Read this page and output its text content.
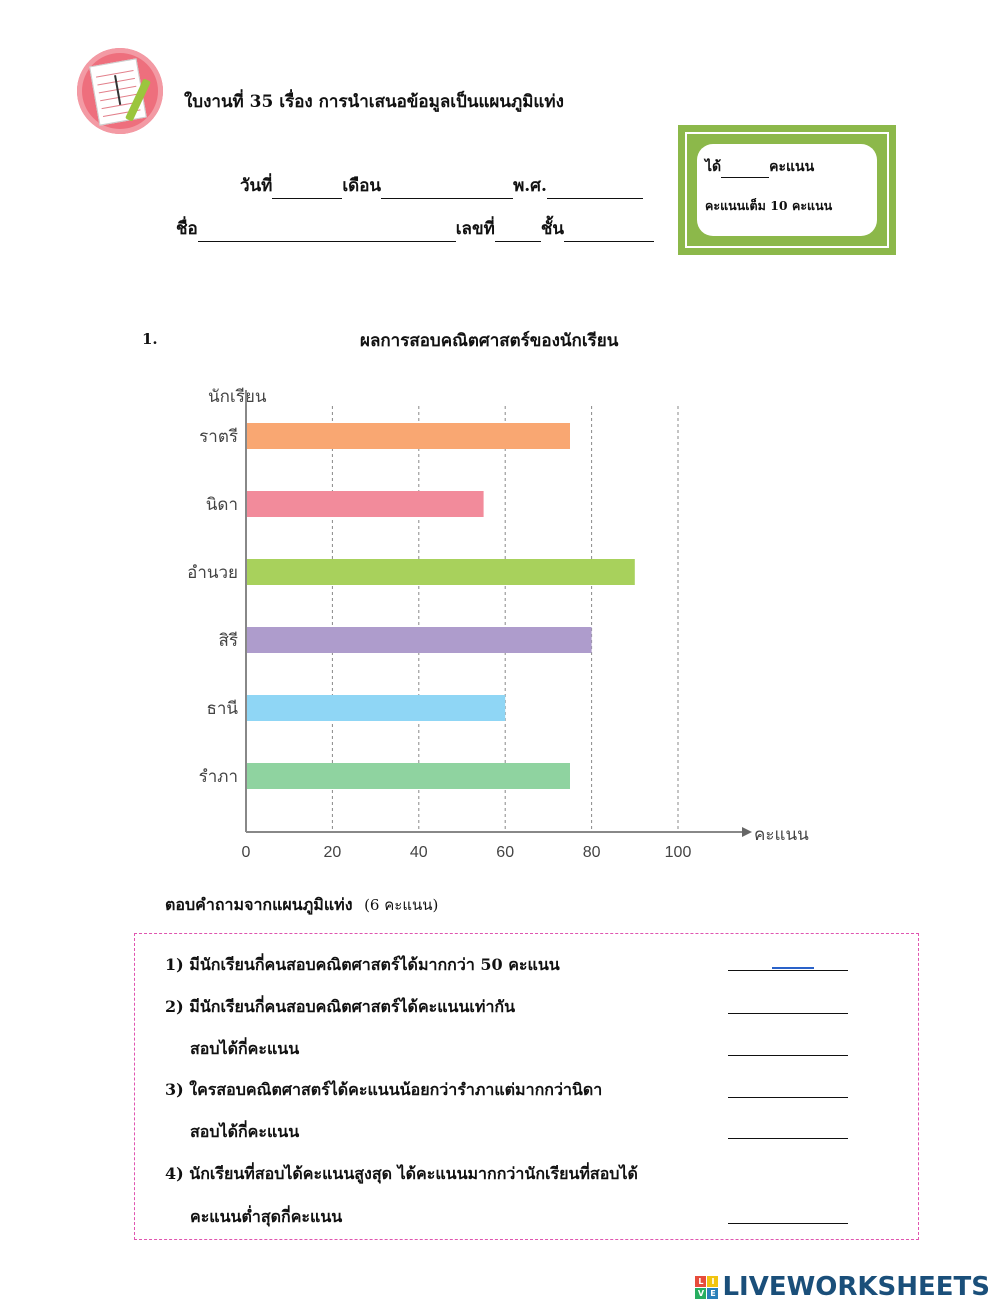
ใบงานที่ 35 เรื่อง การนำเสนอข้อมูลเป็นแผนภูมิแท่ง
วันที่	เดือน	พ.ศ.
ชื่อ	เลขที่	ชั้น
ได้	คะแนน
คะแนนเต็ม 10 คะแนน
1.	ผลการสอบคณิตศาสตร์ของนักเรียน
นักเรียน
ราตรี
นิดา
อำนวย
สิรี
ธานี
รำภา
0	20	40	60	80	100
คะแนน
ตอบคำถามจากแผนภูมิแท่ง (6 คะแนน)
1) มีนักเรียนกี่คนสอบคณิตศาสตร์ได้มากกว่า 50 คะแนน
2) มีนักเรียนกี่คนสอบคณิตศาสตร์ได้คะแนนเท่ากัน
สอบได้กี่คะแนน
3) ใครสอบคณิตศาสตร์ได้คะแนนน้อยกว่ารำภาแต่มากกว่านิดา
สอบได้กี่คะแนน
4) นักเรียนที่สอบได้คะแนนสูงสุด ได้คะแนนมากกว่านักเรียนที่สอบได้
คะแนนต่ำสุดกี่คะแนน
L I
V E LIVEWORKSHEETS
